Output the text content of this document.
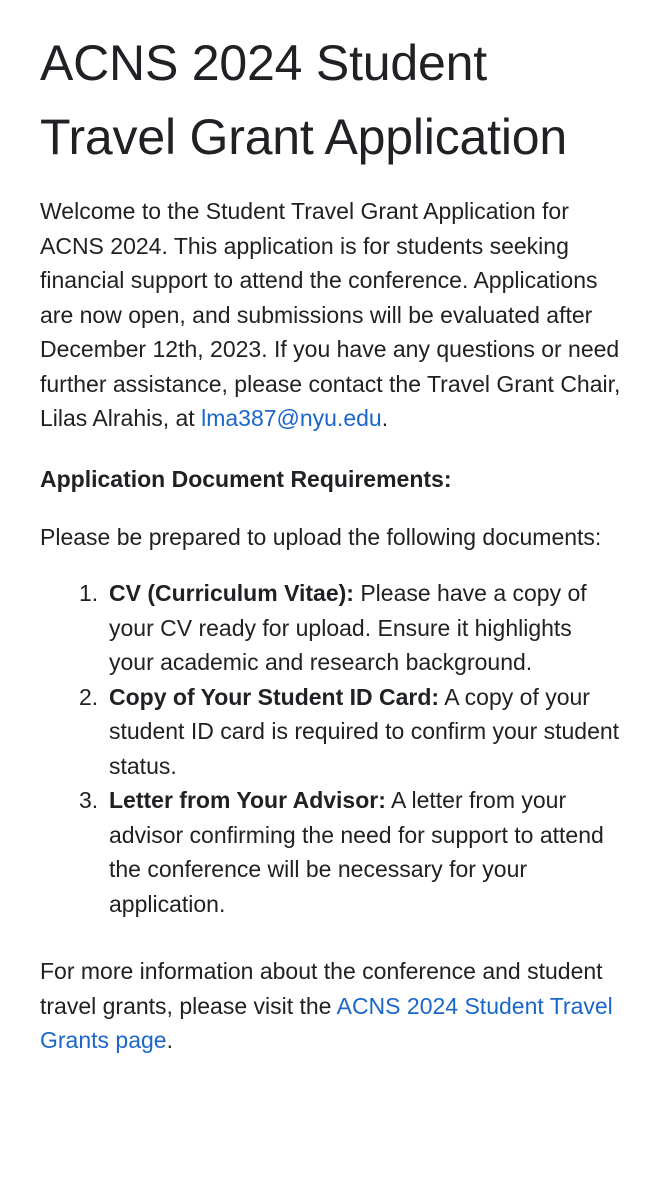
ACNS 2024 Student Travel Grant Application

Welcome to the Student Travel Grant Application for ACNS 2024. This application is for students seeking financial support to attend the conference. Applications are now open, and submissions will be evaluated after December 12th, 2023. If you have any questions or need further assistance, please contact the Travel Grant Chair, Lilas Alrahis, at lma387@nyu.edu.

Application Document Requirements:

Please be prepared to upload the following documents:

1. CV (Curriculum Vitae): Please have a copy of your CV ready for upload. Ensure it highlights your academic and research background.
2. Copy of Your Student ID Card: A copy of your student ID card is required to confirm your student status.
3. Letter from Your Advisor: A letter from your advisor confirming the need for support to attend the conference will be necessary for your application.

For more information about the conference and student travel grants, please visit the ACNS 2024 Student Travel Grants page.
